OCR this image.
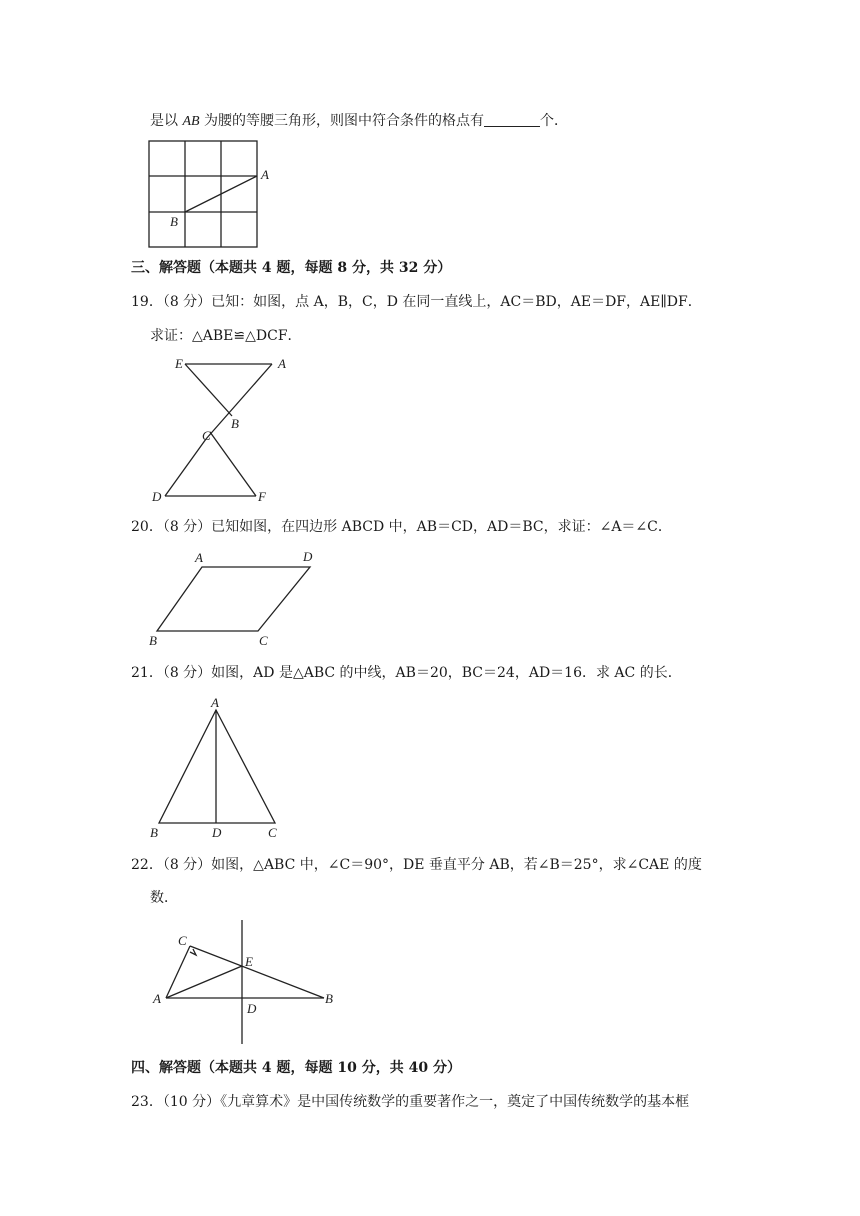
是以 AB 为腰的等腰三角形，则图中符合条件的格点有	个．
A
B
三、解答题（本题共 4 题，每题 8 分，共 32 分）
19．（8 分）已知：如图，点 A，B，C，D 在同一直线上，AC＝BD，AE＝DF，AE∥DF．
求证：△ABE≌△DCF．
E	A
B
C
D	F
20．（8 分）已知如图，在四边形 ABCD 中，AB＝CD，AD＝BC，求证：∠A＝∠C．
A	D
B	C
21．（8 分）如图，AD 是△ABC 的中线，AB＝20，BC＝24，AD＝16．求 AC 的长．
A
B	D	C
22．（8 分）如图，△ABC 中，∠C＝90°，DE 垂直平分 AB，若∠B＝25°，求∠CAE 的度
数．
C
E
A
D
B
四、解答题（本题共 4 题，每题 10 分，共 40 分）
23．（10 分）《九章算术》是中国传统数学的重要著作之一，奠定了中国传统数学的基本框
